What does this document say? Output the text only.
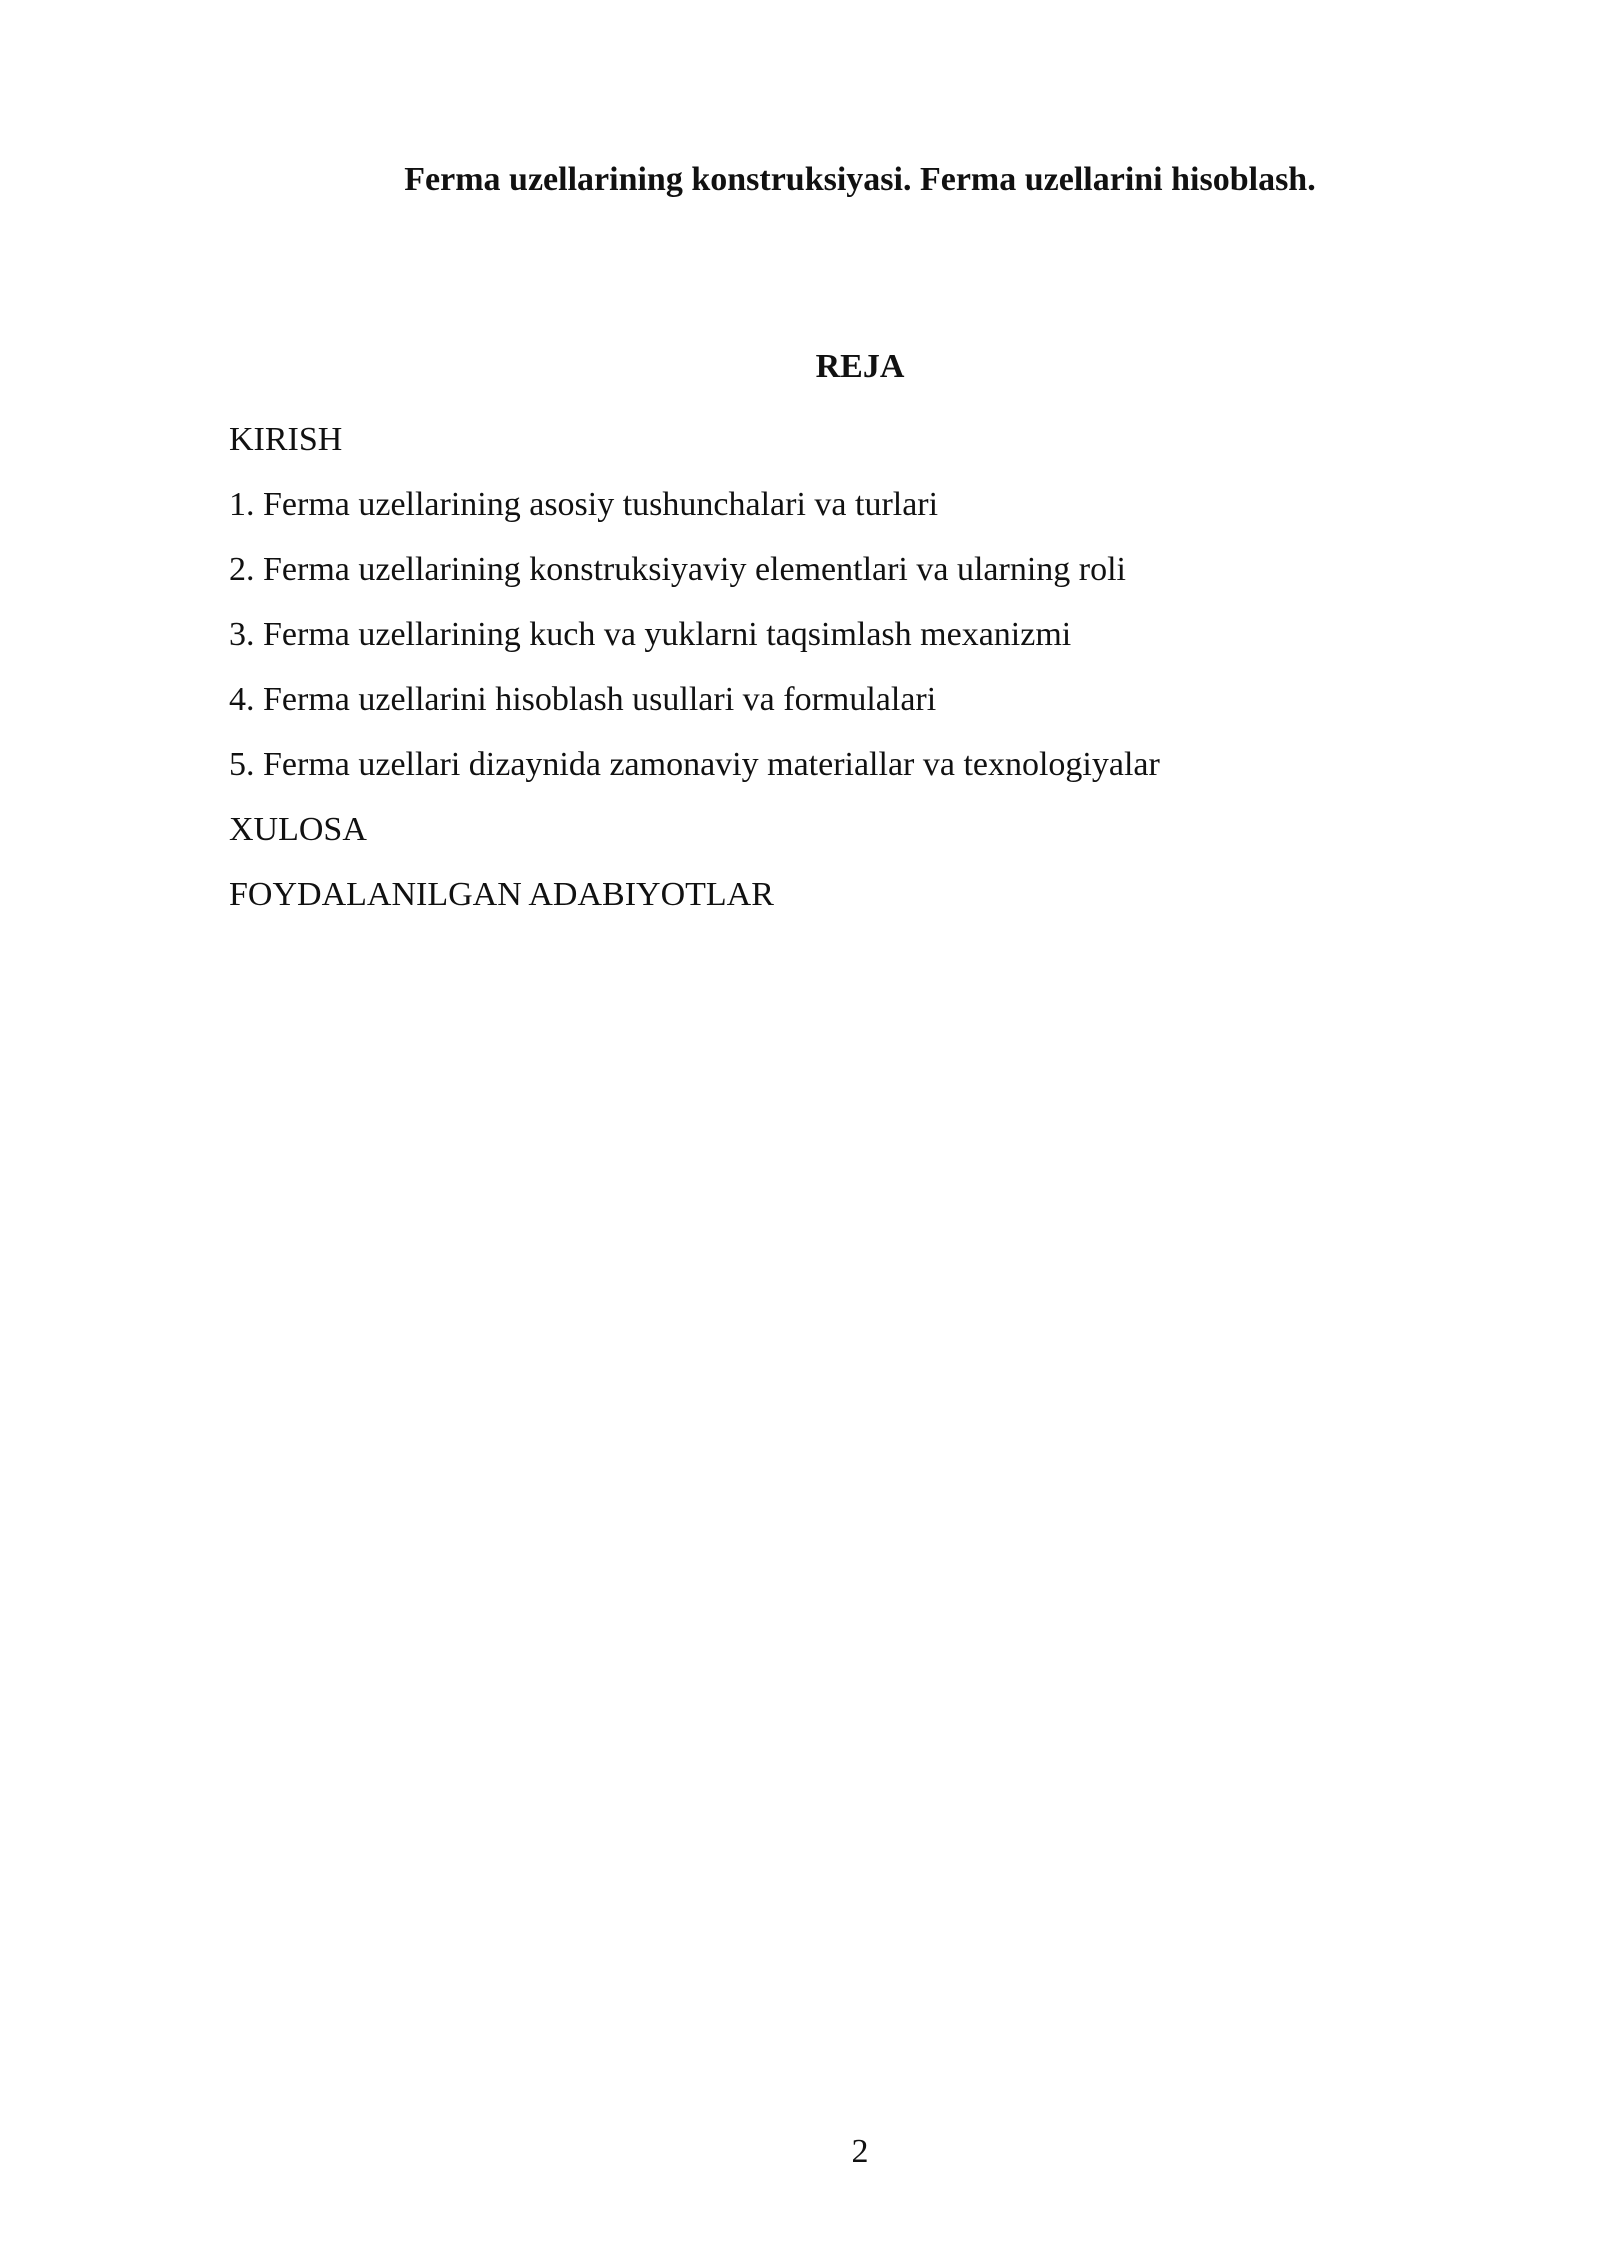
Ferma uzellarining konstruksiyasi. Ferma uzellarini hisoblash.
REJA
KIRISH
1. Ferma uzellarining asosiy tushunchalari va turlari
2. Ferma uzellarining konstruksiyaviy elementlari va ularning roli
3. Ferma uzellarining kuch va yuklarni taqsimlash mexanizmi
4. Ferma uzellarini hisoblash usullari va formulalari
5. Ferma uzellari dizaynida zamonaviy materiallar va texnologiyalar
XULOSA
FOYDALANILGAN ADABIYOTLAR
2
